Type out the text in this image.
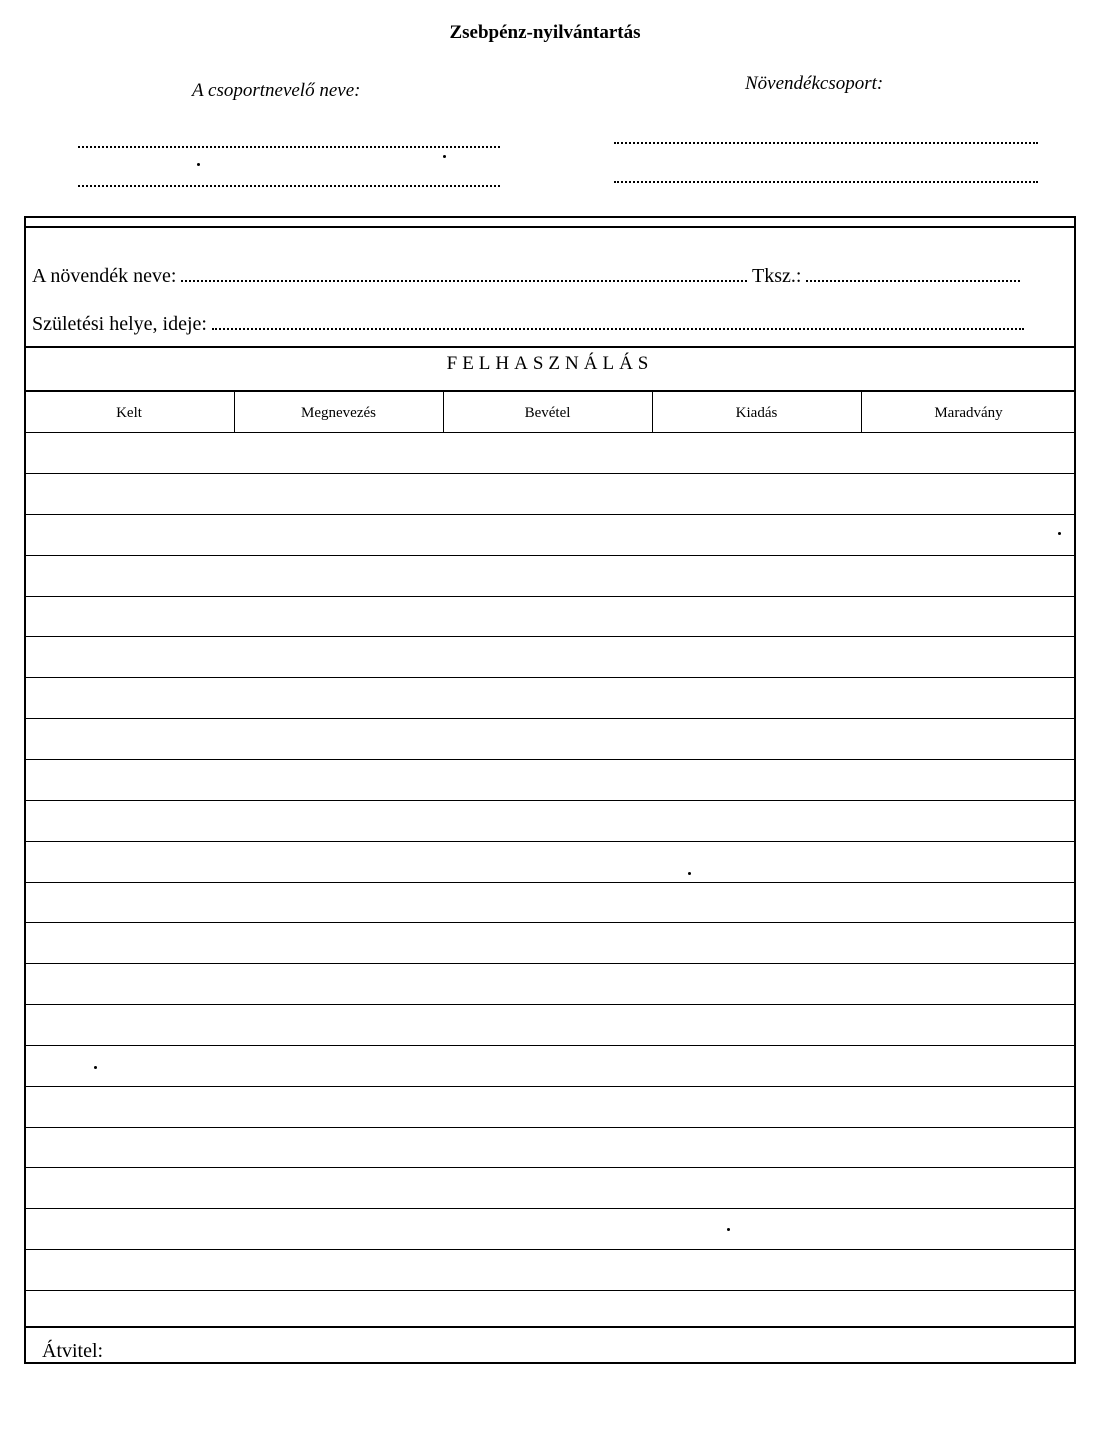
Zsebpénz-nyilvántartás
A csoportnevelő neve:	Növendékcsoport:
A növendék neve:	Tksz.:
Születési helye, ideje:
FELHASZNÁLÁS
Kelt	Megnevezés	Bevétel	Kiadás	Maradvány
Átvitel:
